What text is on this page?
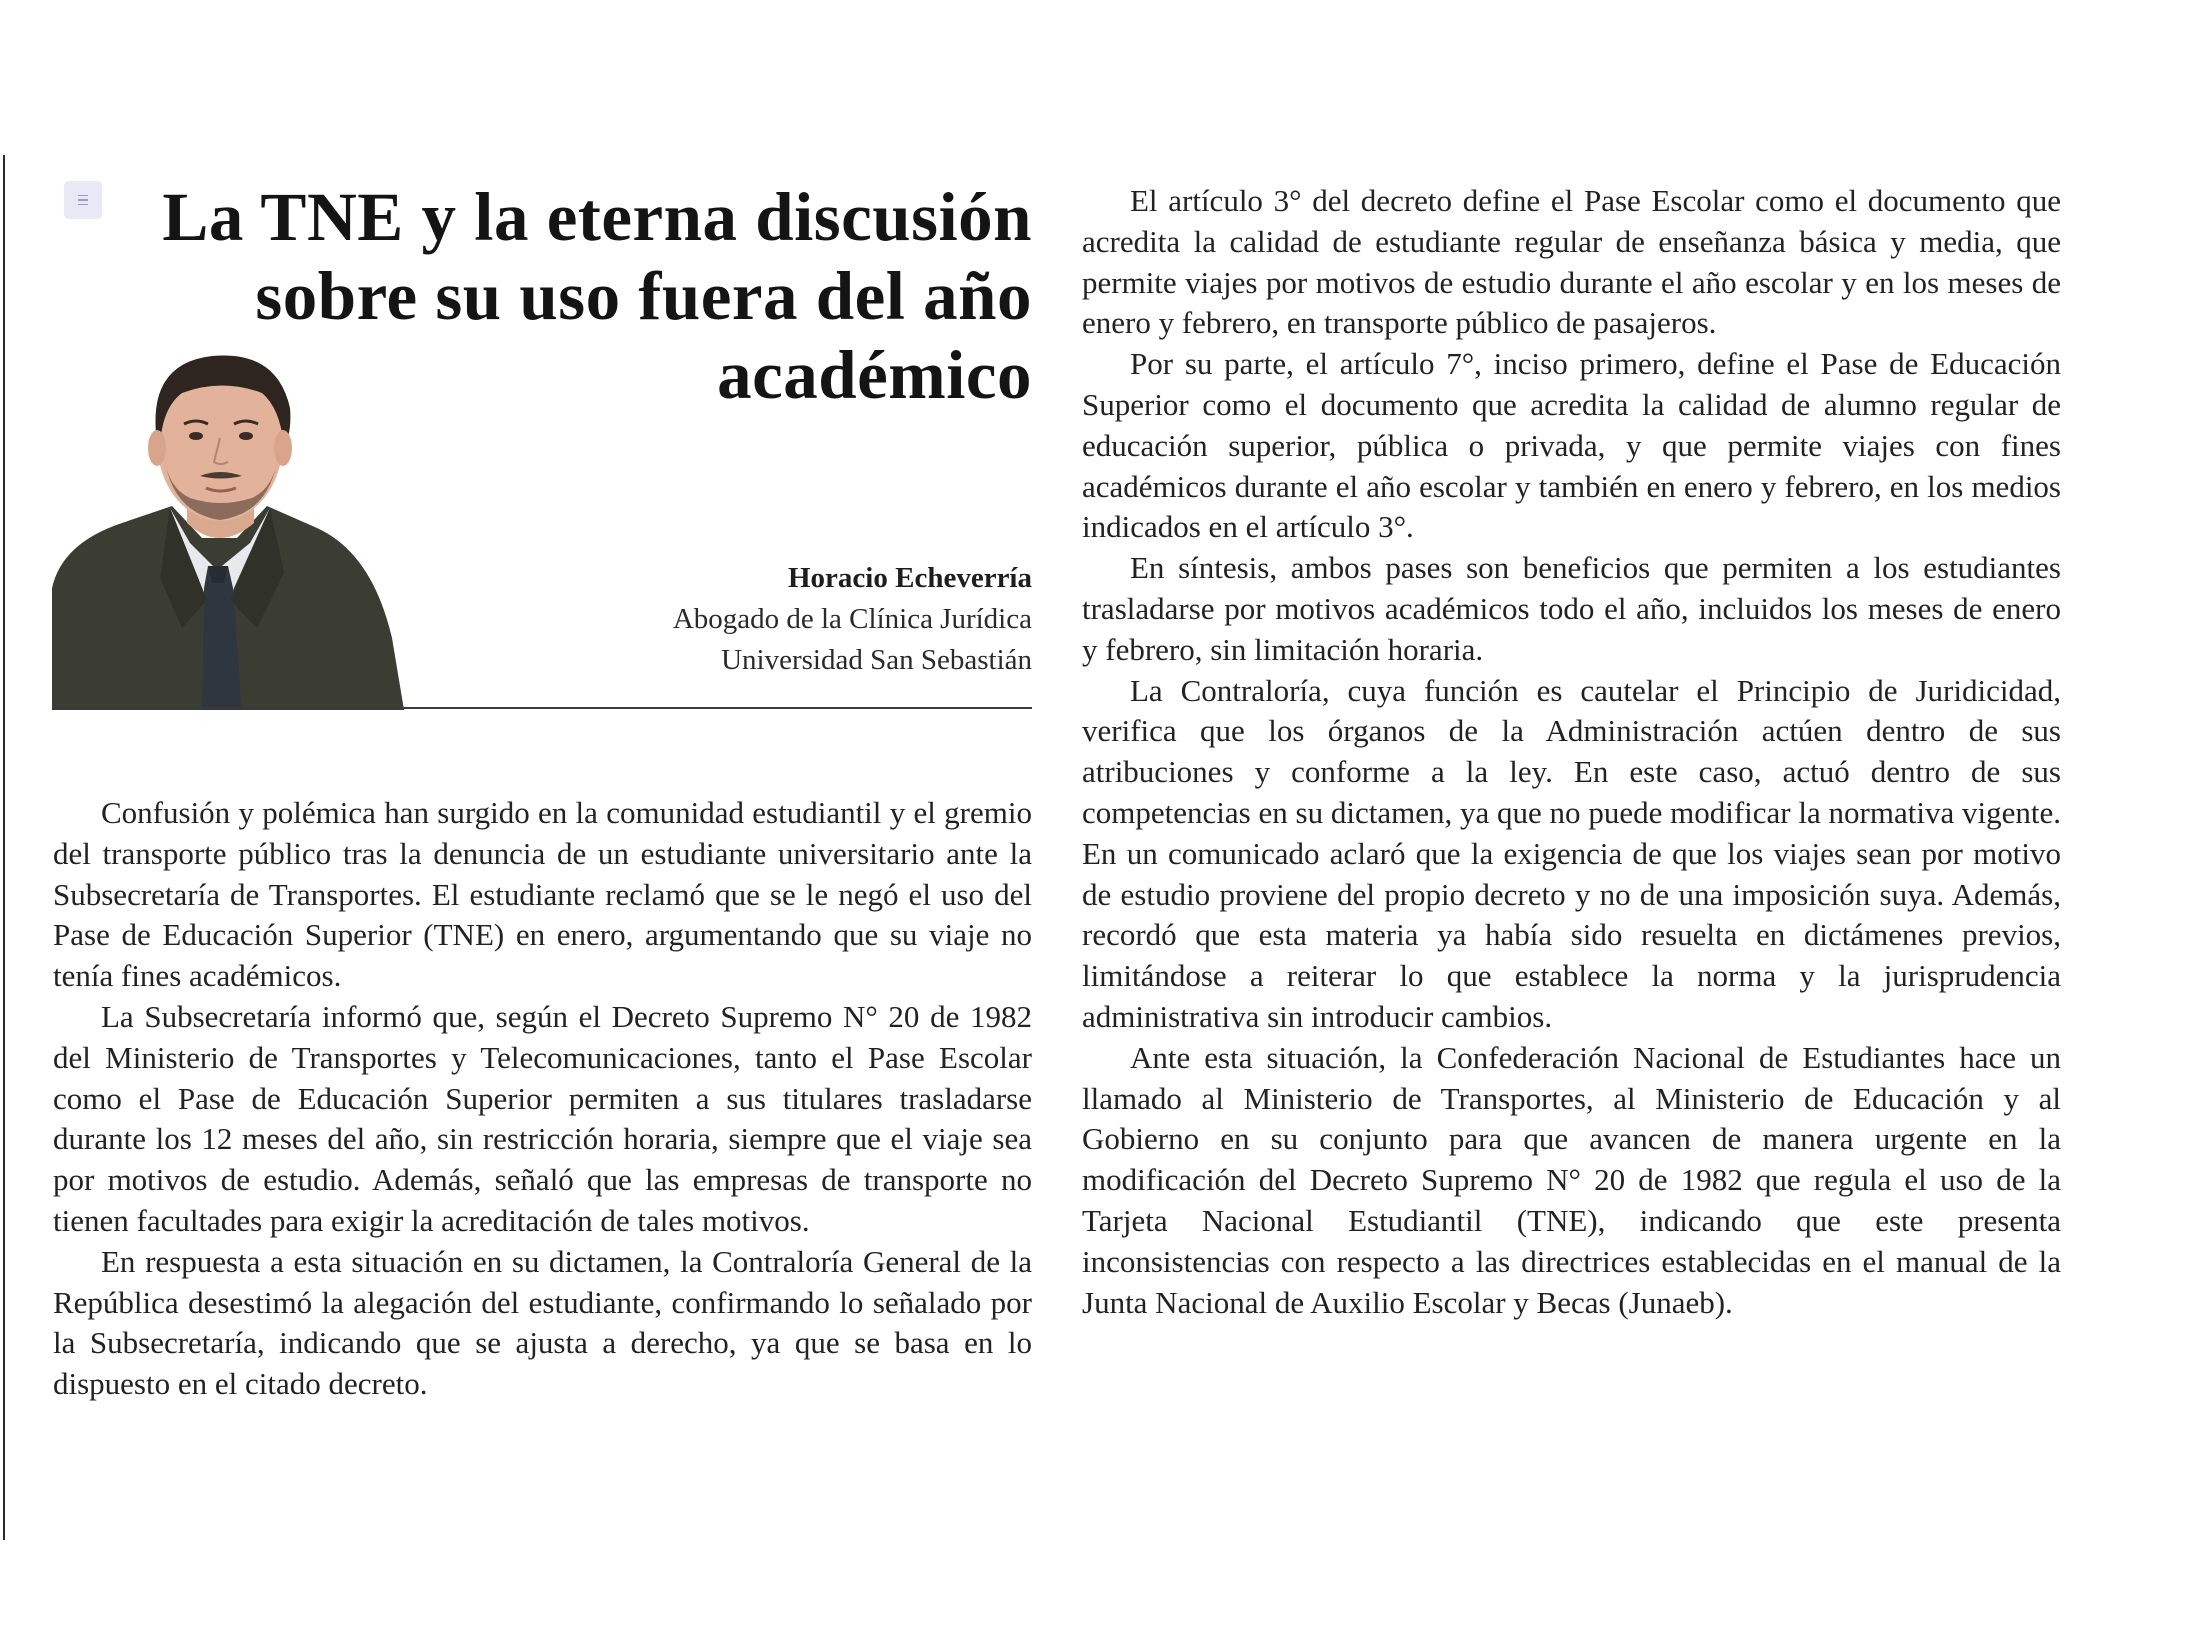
La TNE y la eterna discusión sobre su uso fuera del año académico
Horacio Echeverría
Abogado de la Clínica Jurídica
Universidad San Sebastián

Confusión y polémica han surgido en la comunidad estudiantil y el gremio del transporte público tras la denuncia de un estudiante universitario ante la Subsecretaría de Transportes. El estudiante reclamó que se le negó el uso del Pase de Educación Superior (TNE) en enero, argumentando que su viaje no tenía fines académicos.

La Subsecretaría informó que, según el Decreto Supremo N° 20 de 1982 del Ministerio de Transportes y Telecomunicaciones, tanto el Pase Escolar como el Pase de Educación Superior permiten a sus titulares trasladarse durante los 12 meses del año, sin restricción horaria, siempre que el viaje sea por motivos de estudio. Además, señaló que las empresas de transporte no tienen facultades para exigir la acreditación de tales motivos.

En respuesta a esta situación en su dictamen, la Contraloría General de la República desestimó la alegación del estudiante, confirmando lo señalado por la Subsecretaría, indicando que se ajusta a derecho, ya que se basa en lo dispuesto en el citado decreto.

El artículo 3° del decreto define el Pase Escolar como el documento que acredita la calidad de estudiante regular de enseñanza básica y media, que permite viajes por motivos de estudio durante el año escolar y en los meses de enero y febrero, en transporte público de pasajeros.

Por su parte, el artículo 7°, inciso primero, define el Pase de Educación Superior como el documento que acredita la calidad de alumno regular de educación superior, pública o privada, y que permite viajes con fines académicos durante el año escolar y también en enero y febrero, en los medios indicados en el artículo 3°.

En síntesis, ambos pases son beneficios que permiten a los estudiantes trasladarse por motivos académicos todo el año, incluidos los meses de enero y febrero, sin limitación horaria.

La Contraloría, cuya función es cautelar el Principio de Juridicidad, verifica que los órganos de la Administración actúen dentro de sus atribuciones y conforme a la ley. En este caso, actuó dentro de sus competencias en su dictamen, ya que no puede modificar la normativa vigente. En un comunicado aclaró que la exigencia de que los viajes sean por motivo de estudio proviene del propio decreto y no de una imposición suya. Además, recordó que esta materia ya había sido resuelta en dictámenes previos, limitándose a reiterar lo que establece la norma y la jurisprudencia administrativa sin introducir cambios.

Ante esta situación, la Confederación Nacional de Estudiantes hace un llamado al Ministerio de Transportes, al Ministerio de Educación y al Gobierno en su conjunto para que avancen de manera urgente en la modificación del Decreto Supremo N° 20 de 1982 que regula el uso de la Tarjeta Nacional Estudiantil (TNE), indicando que este presenta inconsistencias con respecto a las directrices establecidas en el manual de la Junta Nacional de Auxilio Escolar y Becas (Junaeb).
